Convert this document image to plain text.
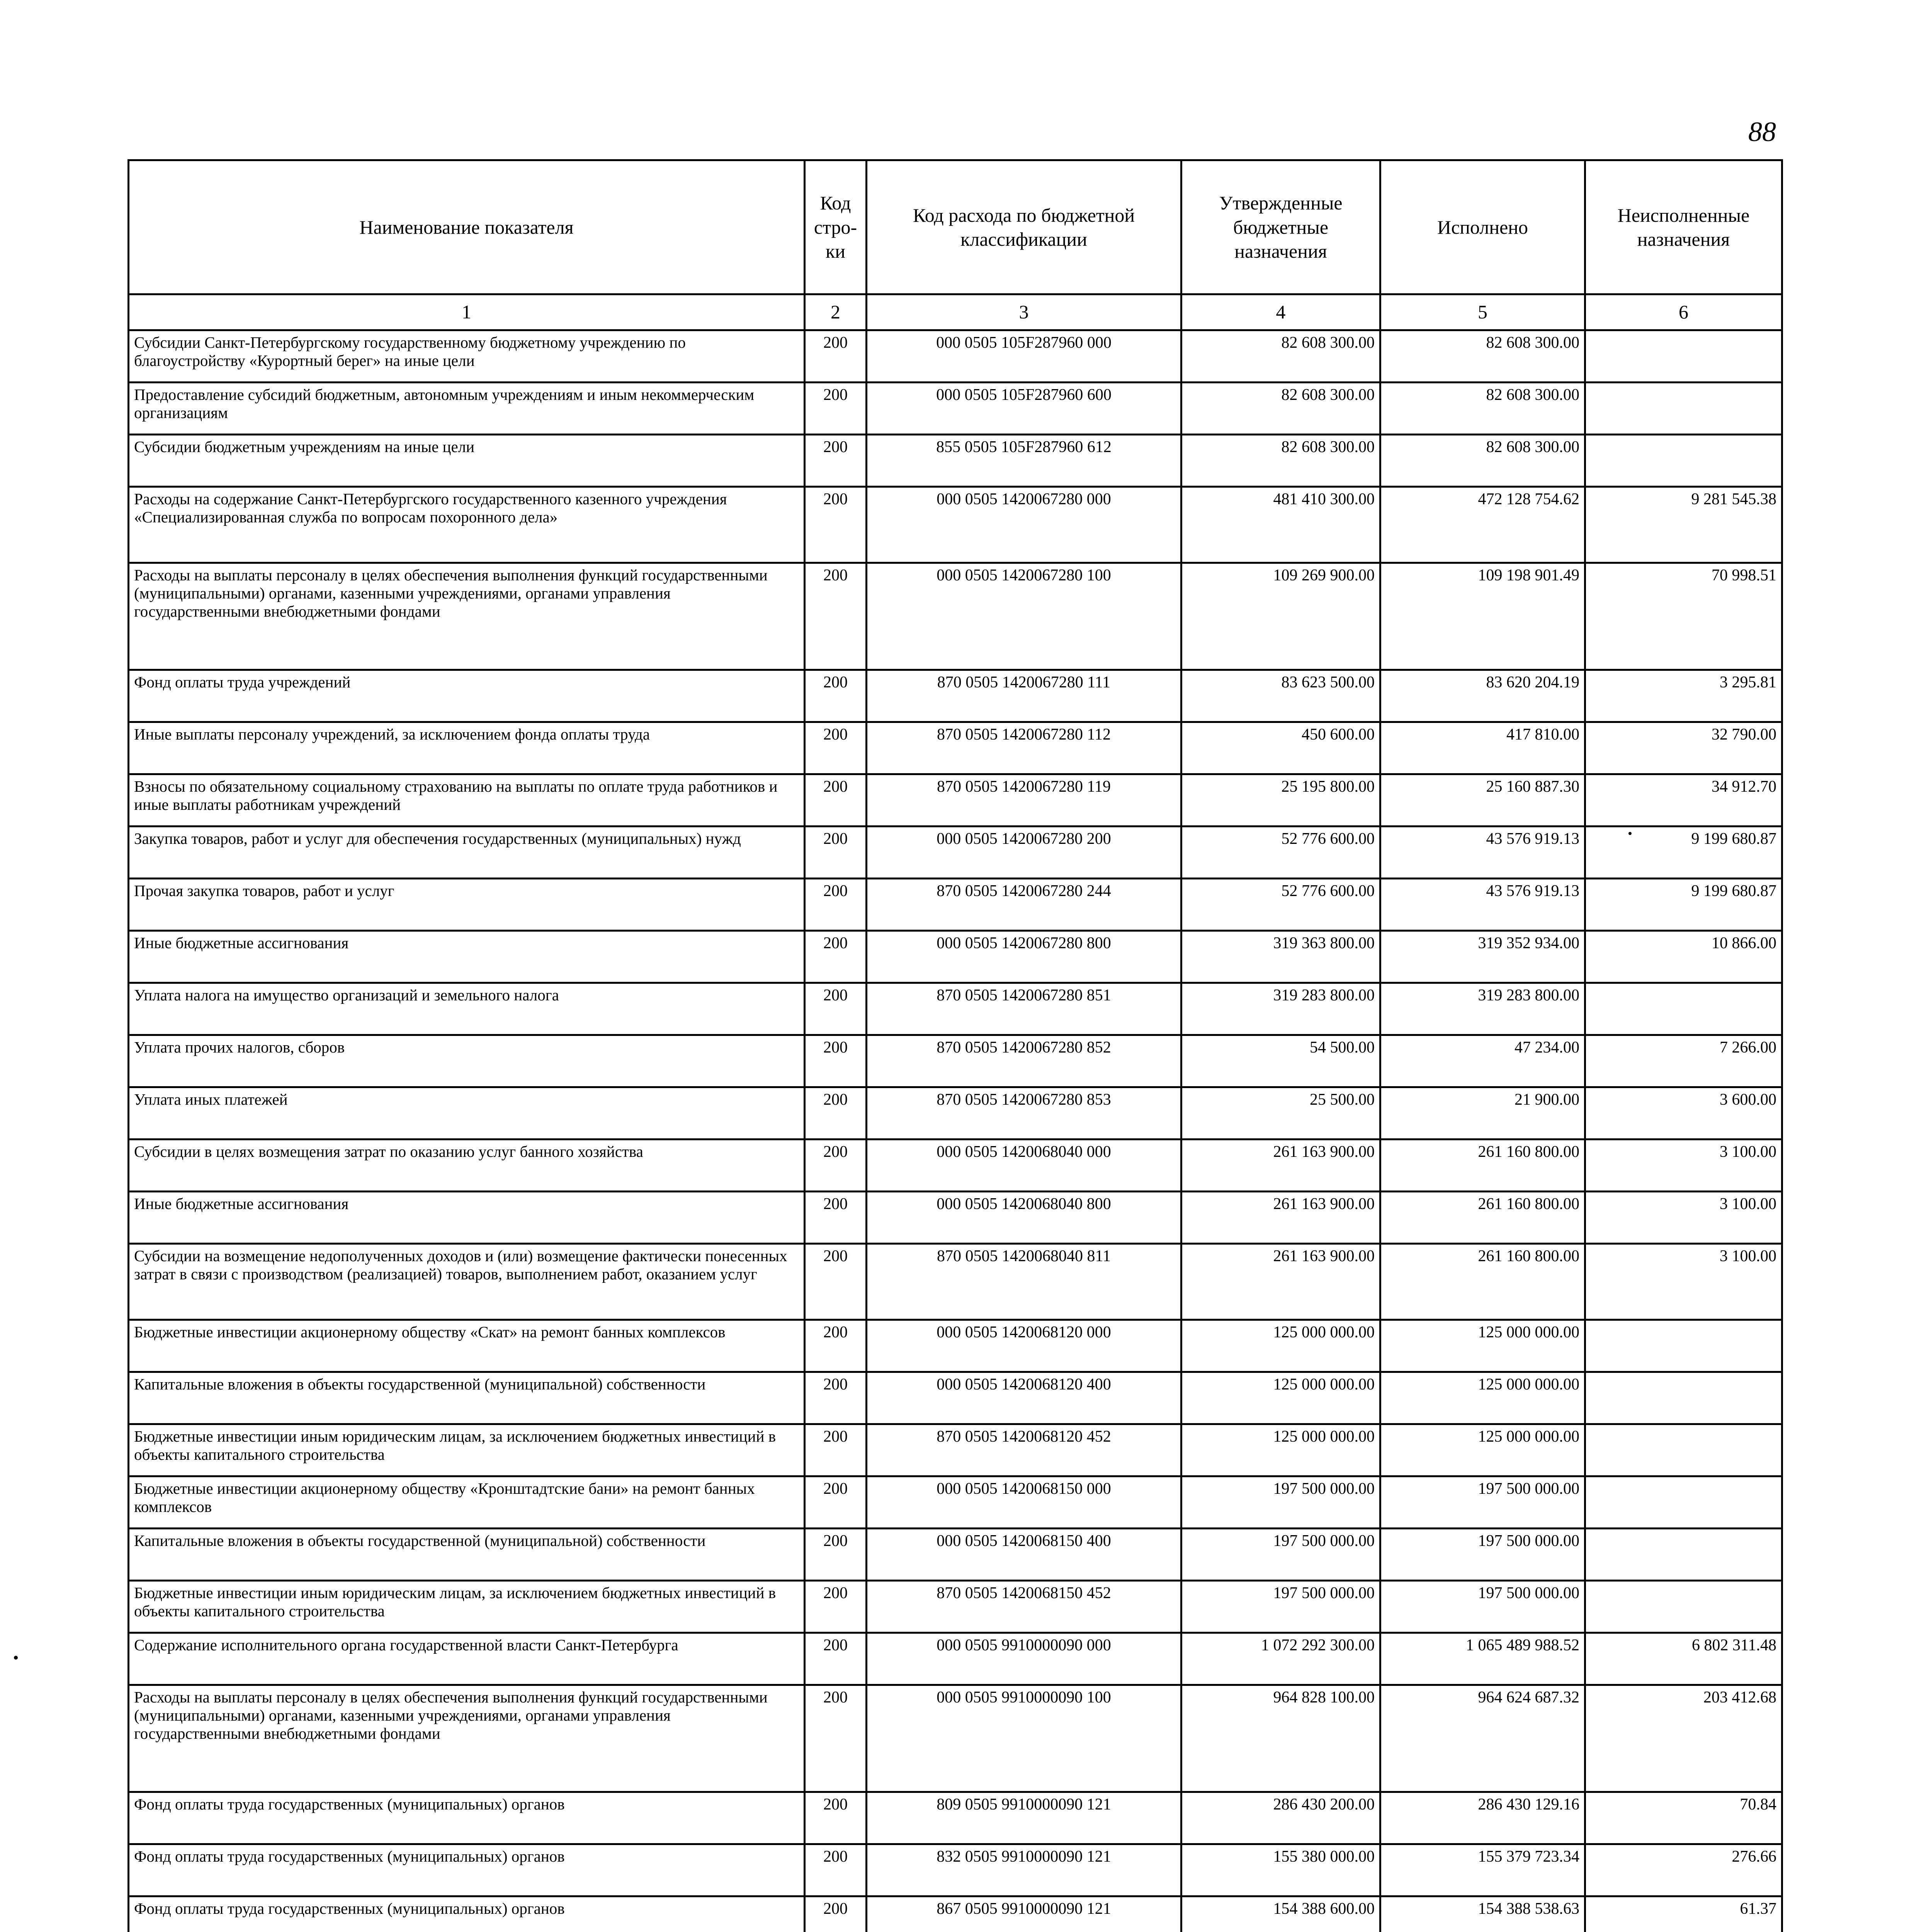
88
Наименование показателя	Код стро-ки	Код расхода по бюджетной классификации	Утвержденные бюджетные назначения	Исполнено	Неисполненные назначения
1	2	3	4	5	6
Субсидии Санкт-Петербургскому государственному бюджетному учреждению по благоустройству «Курортный берег» на иные цели	200	000 0505 105F287960 000	82 608 300.00	82 608 300.00	
Предоставление субсидий бюджетным, автономным учреждениям и иным некоммерческим организациям	200	000 0505 105F287960 600	82 608 300.00	82 608 300.00	
Субсидии бюджетным учреждениям на иные цели	200	855 0505 105F287960 612	82 608 300.00	82 608 300.00	
Расходы на содержание Санкт-Петербургского государственного казенного учреждения «Специализированная служба по вопросам похоронного дела»	200	000 0505 1420067280 000	481 410 300.00	472 128 754.62	9 281 545.38
Расходы на выплаты персоналу в целях обеспечения выполнения функций государственными (муниципальными) органами, казенными учреждениями, органами управления государственными внебюджетными фондами	200	000 0505 1420067280 100	109 269 900.00	109 198 901.49	70 998.51
Фонд оплаты труда учреждений	200	870 0505 1420067280 111	83 623 500.00	83 620 204.19	3 295.81
Иные выплаты персоналу учреждений, за исключением фонда оплаты труда	200	870 0505 1420067280 112	450 600.00	417 810.00	32 790.00
Взносы по обязательному социальному страхованию на выплаты по оплате труда работников и иные выплаты работникам учреждений	200	870 0505 1420067280 119	25 195 800.00	25 160 887.30	34 912.70
Закупка товаров, работ и услуг для обеспечения государственных (муниципальных) нужд	200	000 0505 1420067280 200	52 776 600.00	43 576 919.13	9 199 680.87
Прочая закупка товаров, работ и услуг	200	870 0505 1420067280 244	52 776 600.00	43 576 919.13	9 199 680.87
Иные бюджетные ассигнования	200	000 0505 1420067280 800	319 363 800.00	319 352 934.00	10 866.00
Уплата налога на имущество организаций и земельного налога	200	870 0505 1420067280 851	319 283 800.00	319 283 800.00	
Уплата прочих налогов, сборов	200	870 0505 1420067280 852	54 500.00	47 234.00	7 266.00
Уплата иных платежей	200	870 0505 1420067280 853	25 500.00	21 900.00	3 600.00
Субсидии в целях возмещения затрат по оказанию услуг банного хозяйства	200	000 0505 1420068040 000	261 163 900.00	261 160 800.00	3 100.00
Иные бюджетные ассигнования	200	000 0505 1420068040 800	261 163 900.00	261 160 800.00	3 100.00
Субсидии на возмещение недополученных доходов и (или) возмещение фактически понесенных затрат в связи с производством (реализацией) товаров, выполнением работ, оказанием услуг	200	870 0505 1420068040 811	261 163 900.00	261 160 800.00	3 100.00
Бюджетные инвестиции акционерному обществу «Скат» на ремонт банных комплексов	200	000 0505 1420068120 000	125 000 000.00	125 000 000.00	
Капитальные вложения в объекты государственной (муниципальной) собственности	200	000 0505 1420068120 400	125 000 000.00	125 000 000.00	
Бюджетные инвестиции иным юридическим лицам, за исключением бюджетных инвестиций в объекты капитального строительства	200	870 0505 1420068120 452	125 000 000.00	125 000 000.00	
Бюджетные инвестиции акционерному обществу «Кронштадтские бани» на ремонт банных комплексов	200	000 0505 1420068150 000	197 500 000.00	197 500 000.00	
Капитальные вложения в объекты государственной (муниципальной) собственности	200	000 0505 1420068150 400	197 500 000.00	197 500 000.00	
Бюджетные инвестиции иным юридическим лицам, за исключением бюджетных инвестиций в объекты капитального строительства	200	870 0505 1420068150 452	197 500 000.00	197 500 000.00	
Содержание исполнительного органа государственной власти Санкт-Петербурга	200	000 0505 9910000090 000	1 072 292 300.00	1 065 489 988.52	6 802 311.48
Расходы на выплаты персоналу в целях обеспечения выполнения функций государственными (муниципальными) органами, казенными учреждениями, органами управления государственными внебюджетными фондами	200	000 0505 9910000090 100	964 828 100.00	964 624 687.32	203 412.68
Фонд оплаты труда государственных (муниципальных) органов	200	809 0505 9910000090 121	286 430 200.00	286 430 129.16	70.84
Фонд оплаты труда государственных (муниципальных) органов	200	832 0505 9910000090 121	155 380 000.00	155 379 723.34	276.66
Фонд оплаты труда государственных (муниципальных) органов	200	867 0505 9910000090 121	154 388 600.00	154 388 538.63	61.37
